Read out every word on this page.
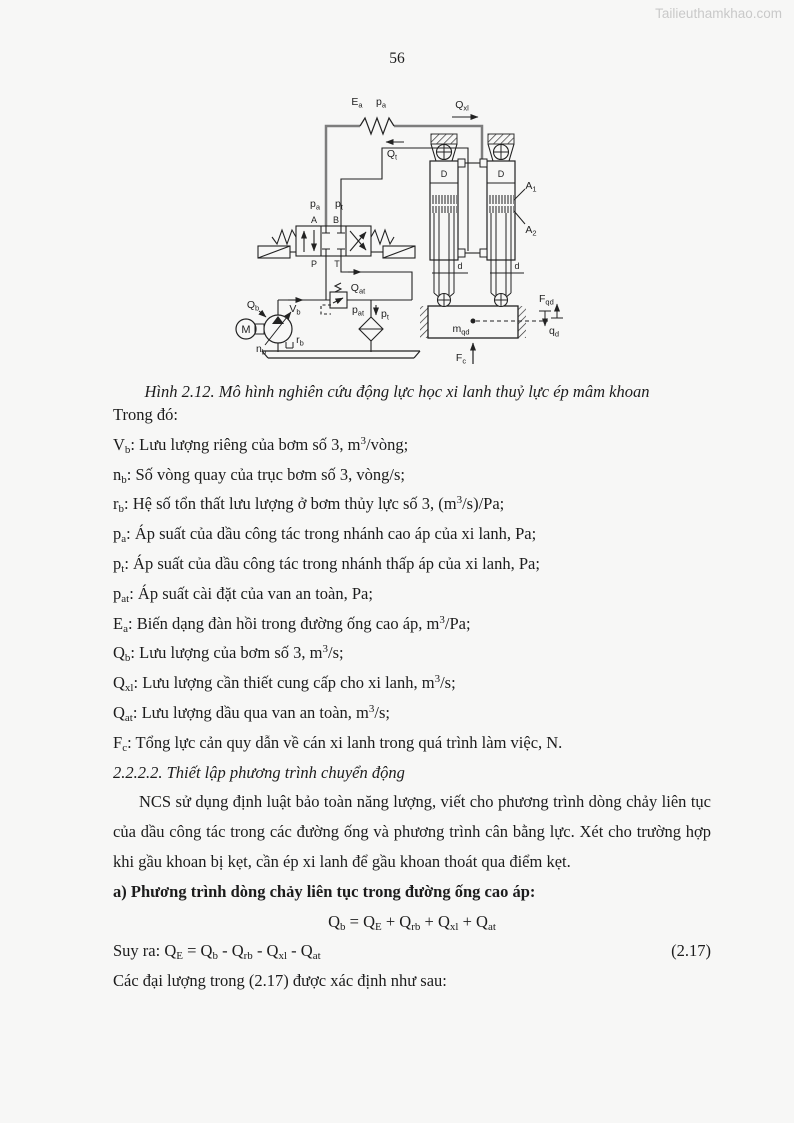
Tailieuthamkhao.com
56
$E_a$ $p_a$	$Q_{xl}$
$Q_t$
$p_a$ $p_t$
A B
P T
M
$Q_b$	$V_b$
$n_b$
$r_b$
$Q_{at}$
$p_{at}$ $p_t$
d	d
$A_1$
$A_2$
$m_{qd}$
$F_c$
$F_{qd}$
$q_d$
Hình 2.12. Mô hình nghiên cứu động lực học xi lanh thuỷ lực ép mâm khoan
Trong đó:
$V_b$: Lưu lượng riêng của bơm số 3, $m^3$/vòng;
$n_b$: Số vòng quay của trục bơm số 3, vòng/s;
$r_b$: Hệ số tổn thất lưu lượng ở bơm thủy lực số 3, $(m^3/s)/Pa$;
$p_a$: Áp suất của dầu công tác trong nhánh cao áp của xi lanh, Pa;
$p_t$: Áp suất của dầu công tác trong nhánh thấp áp của xi lanh, Pa;
$p_{at}$: Áp suất cài đặt của van an toàn, Pa;
$E_a$: Biến dạng đàn hồi trong đường ống cao áp, $m^3/Pa$;
$Q_b$: Lưu lượng của bơm số 3, $m^3/s$;
$Q_{xl}$: Lưu lượng cần thiết cung cấp cho xi lanh, $m^3/s$;
$Q_{at}$: Lưu lượng dầu qua van an toàn, $m^3/s$;
$F_c$: Tổng lực cản quy dẫn về cán xi lanh trong quá trình làm việc, N.
2.2.2.2. Thiết lập phương trình chuyển động

NCS sử dụng định luật bảo toàn năng lượng, viết cho phương trình dòng chảy liên tục của dầu công tác trong các đường ống và phương trình cân bằng lực. Xét cho trường hợp khi gầu khoan bị kẹt, cần ép xi lanh để gầu khoan thoát qua điểm kẹt.

a) Phương trình dòng chảy liên tục trong đường ống cao áp:
$Q_b = Q_E + Q_{rb} + Q_{xl} + Q_{at}$
Suy ra: $Q_E = Q_b - Q_{rb} - Q_{xl} - Q_{at}$	(2.17)
Các đại lượng trong (2.17) được xác định như sau:
